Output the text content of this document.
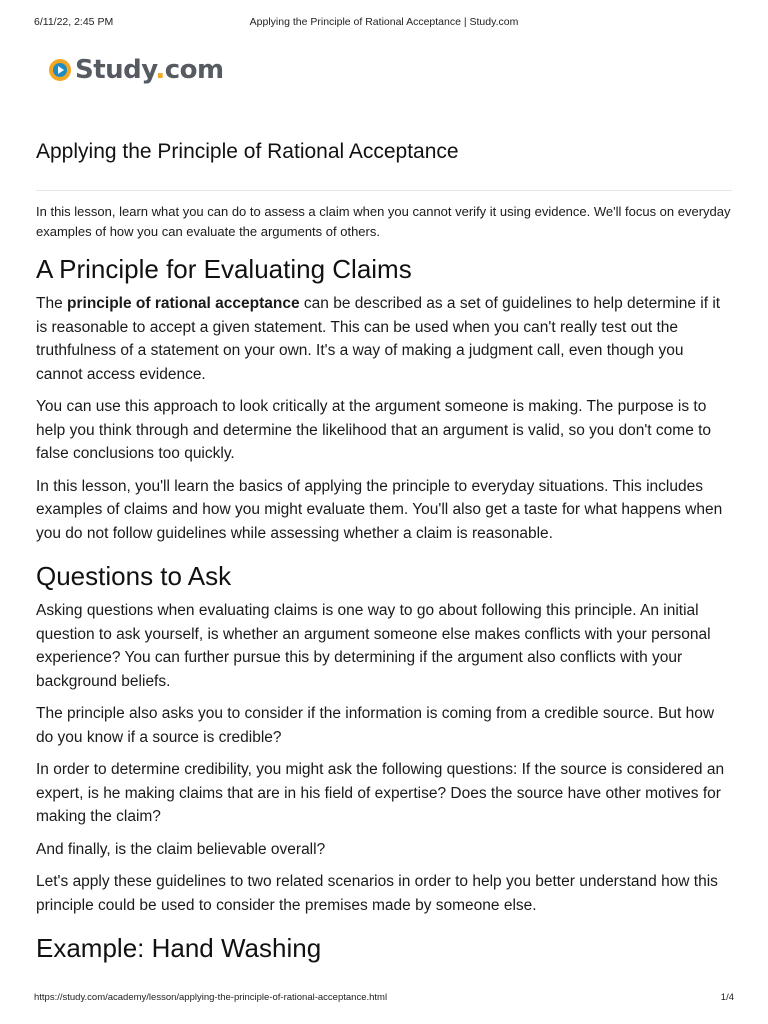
6/11/22, 2:45 PM	Applying the Principle of Rational Acceptance | Study.com
Study.com
Applying the Principle of Rational Acceptance

In this lesson, learn what you can do to assess a claim when you cannot verify it using evidence. We'll focus on everyday examples of how you can evaluate the arguments of others.

A Principle for Evaluating Claims

The principle of rational acceptance can be described as a set of guidelines to help determine if it is reasonable to accept a given statement. This can be used when you can't really test out the truthfulness of a statement on your own. It's a way of making a judgment call, even though you cannot access evidence.

You can use this approach to look critically at the argument someone is making. The purpose is to help you think through and determine the likelihood that an argument is valid, so you don't come to false conclusions too quickly.

In this lesson, you'll learn the basics of applying the principle to everyday situations. This includes examples of claims and how you might evaluate them. You'll also get a taste for what happens when you do not follow guidelines while assessing whether a claim is reasonable.

Questions to Ask

Asking questions when evaluating claims is one way to go about following this principle. An initial question to ask yourself, is whether an argument someone else makes conflicts with your personal experience? You can further pursue this by determining if the argument also conflicts with your background beliefs.

The principle also asks you to consider if the information is coming from a credible source. But how do you know if a source is credible?

In order to determine credibility, you might ask the following questions: If the source is considered an expert, is he making claims that are in his field of expertise? Does the source have other motives for making the claim?

And finally, is the claim believable overall?

Let's apply these guidelines to two related scenarios in order to help you better understand how this principle could be used to consider the premises made by someone else.

Example: Hand Washing
https://study.com/academy/lesson/applying-the-principle-of-rational-acceptance.html	1/4
